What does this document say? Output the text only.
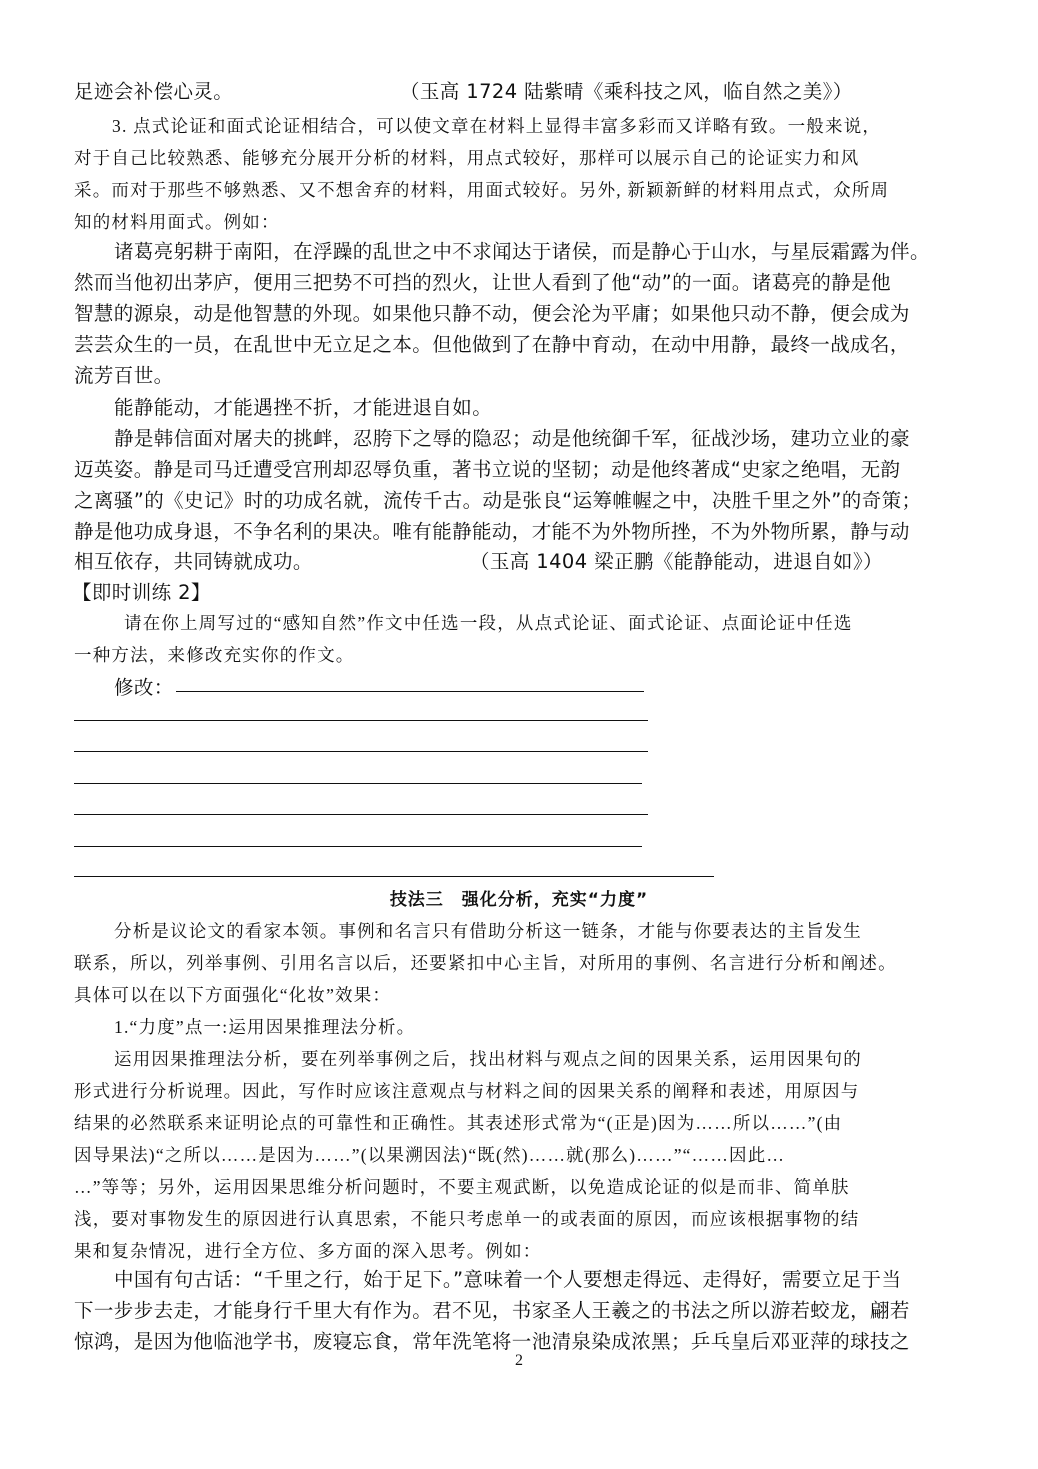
足迹会补偿心灵。	（玉高 1724 陆紫晴《乘科技之风，临自然之美》）
3. 点式论证和面式论证相结合，可以使文章在材料上显得丰富多彩而又详略有致。一般来说，
对于自己比较熟悉、能够充分展开分析的材料，用点式较好，那样可以展示自己的论证实力和风
采。而对于那些不够熟悉、又不想舍弃的材料，用面式较好。另外, 新颖新鲜的材料用点式，众所周
知的材料用面式。例如：
诸葛亮躬耕于南阳，在浮躁的乱世之中不求闻达于诸侯，而是静心于山水，与星辰霜露为伴。
然而当他初出茅庐，便用三把势不可挡的烈火，让世人看到了他“动”的一面。诸葛亮的静是他
智慧的源泉，动是他智慧的外现。如果他只静不动，便会沦为平庸；如果他只动不静，便会成为
芸芸众生的一员，在乱世中无立足之本。但他做到了在静中育动，在动中用静，最终一战成名，
流芳百世。
能静能动，才能遇挫不折，才能进退自如。
静是韩信面对屠夫的挑衅，忍胯下之辱的隐忍；动是他统御千军，征战沙场，建功立业的豪
迈英姿。静是司马迁遭受宫刑却忍辱负重，著书立说的坚韧；动是他终著成“史家之绝唱，无韵
之离骚”的《史记》时的功成名就，流传千古。动是张良“运筹帷幄之中，决胜千里之外”的奇策；
静是他功成身退，不争名利的果决。唯有能静能动，才能不为外物所挫，不为外物所累，静与动
相互依存，共同铸就成功。	（玉高 1404 梁正鹏《能静能动，进退自如》）
【即时训练 2】
请在你上周写过的“感知自然”作文中任选一段，从点式论证、面式论证、点面论证中任选
一种方法，来修改充实你的作文。
修改：
技法三　强化分析，充实“力度”
分析是议论文的看家本领。事例和名言只有借助分析这一链条，才能与你要表达的主旨发生
联系，所以，列举事例、引用名言以后，还要紧扣中心主旨，对所用的事例、名言进行分析和阐述。
具体可以在以下方面强化“化妆”效果：
1.“力度”点一:运用因果推理法分析。
运用因果推理法分析，要在列举事例之后，找出材料与观点之间的因果关系，运用因果句的
形式进行分析说理。因此，写作时应该注意观点与材料之间的因果关系的阐释和表述，用原因与
结果的必然联系来证明论点的可靠性和正确性。其表述形式常为“(正是)因为……所以……”(由
因导果法)“之所以……是因为……”(以果溯因法)“既(然)……就(那么)……”“……因此…
…”等等；另外，运用因果思维分析问题时，不要主观武断，以免造成论证的似是而非、简单肤
浅，要对事物发生的原因进行认真思索，不能只考虑单一的或表面的原因，而应该根据事物的结
果和复杂情况，进行全方位、多方面的深入思考。例如：
中国有句古话：“千里之行，始于足下。”意味着一个人要想走得远、走得好，需要立足于当
下一步步去走，才能身行千里大有作为。君不见，书家圣人王羲之的书法之所以游若蛟龙，翩若
惊鸿，是因为他临池学书，废寝忘食，常年洗笔将一池清泉染成浓黑；乒乓皇后邓亚萍的球技之
2
